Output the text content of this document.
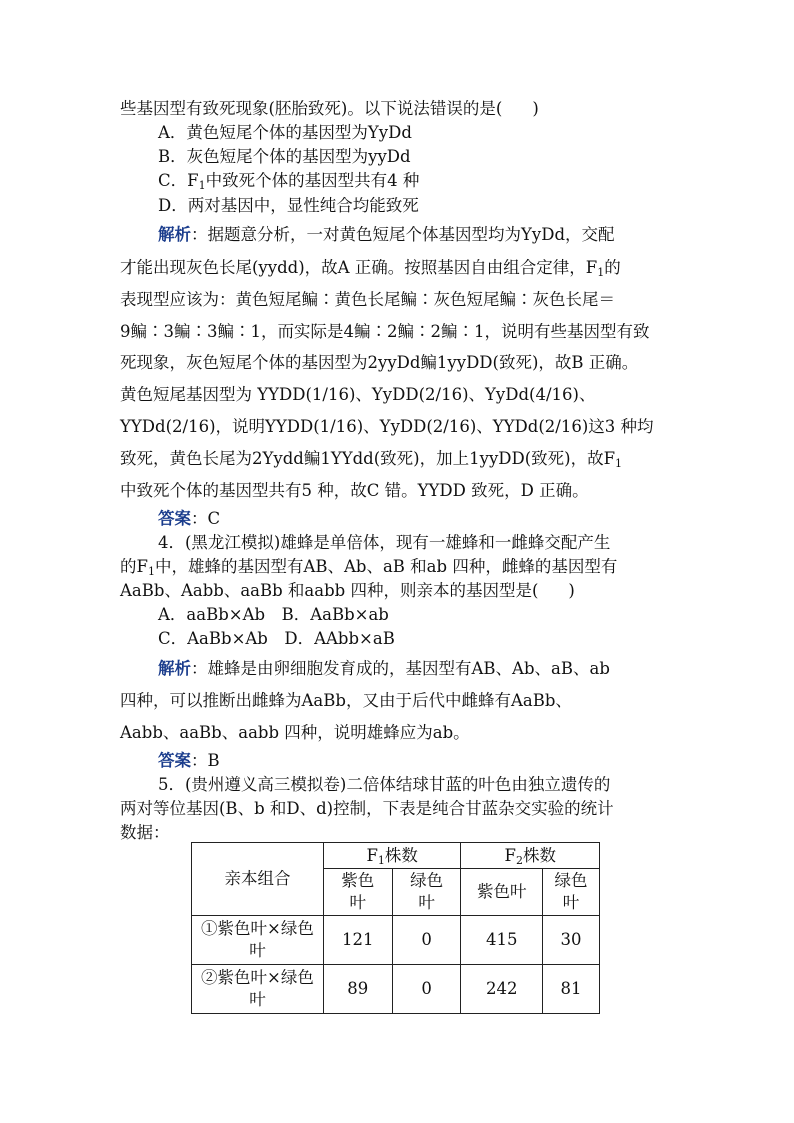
些基因型有致死现象(胚胎致死)。以下说法错误的是( )
A．黄色短尾个体的基因型为YyDd
B．灰色短尾个体的基因型为yyDd
C．$F_1$中致死个体的基因型共有4 种
D．两对基因中，显性纯合均能致死
解析：据题意分析，一对黄色短尾个体基因型均为YyDd，交配
才能出现灰色长尾(yydd)，故A 正确。按照基因自由组合定律，$F_1$的
表现型应该为：黄色短尾鳊∶黄色长尾鳊∶灰色短尾鳊∶灰色长尾＝
9鳊∶3鳊∶3鳊∶1，而实际是4鳊∶2鳊∶2鳊∶1，说明有些基因型有致
死现象，灰色短尾个体的基因型为2yyDd鳊1yyDD(致死)，故B 正确。
黄色短尾基因型为 YYDD(1/16)、YyDD(2/16)、YyDd(4/16)、
YYDd(2/16)，说明YYDD(1/16)、YyDD(2/16)、YYDd(2/16)这3 种均
致死，黄色长尾为2Yydd鳊1YYdd(致死)，加上1yyDD(致死)，故$F_1$
中致死个体的基因型共有5 种，故C 错。YYDD 致死，D 正确。
答案：C
4．(黑龙江模拟)雄蜂是单倍体，现有一雄蜂和一雌蜂交配产生
的$F_1$中，雄蜂的基因型有AB、Ab、aB 和ab 四种，雌蜂的基因型有
AaBb、Aabb、aaBb 和aabb 四种，则亲本的基因型是( )
A．aaBb×Ab　B．AaBb×ab
C．AaBb×Ab　D．AAbb×aB
解析：雄蜂是由卵细胞发育成的，基因型有AB、Ab、aB、ab
四种，可以推断出雌蜂为AaBb，又由于后代中雌蜂有AaBb、
Aabb、aaBb、aabb 四种，说明雄蜂应为ab。
答案：B
5．(贵州遵义高三模拟卷)二倍体结球甘蓝的叶色由独立遗传的
两对等位基因(B、b 和D、d)控制，下表是纯合甘蓝杂交实验的统计
数据：
亲本组合	$F_1$株数		$F_2$株数	
	紫色叶	绿色叶	紫色叶	绿色叶
①紫色叶×绿色叶	121	0	415	30
②紫色叶×绿色叶	89	0	242	81
